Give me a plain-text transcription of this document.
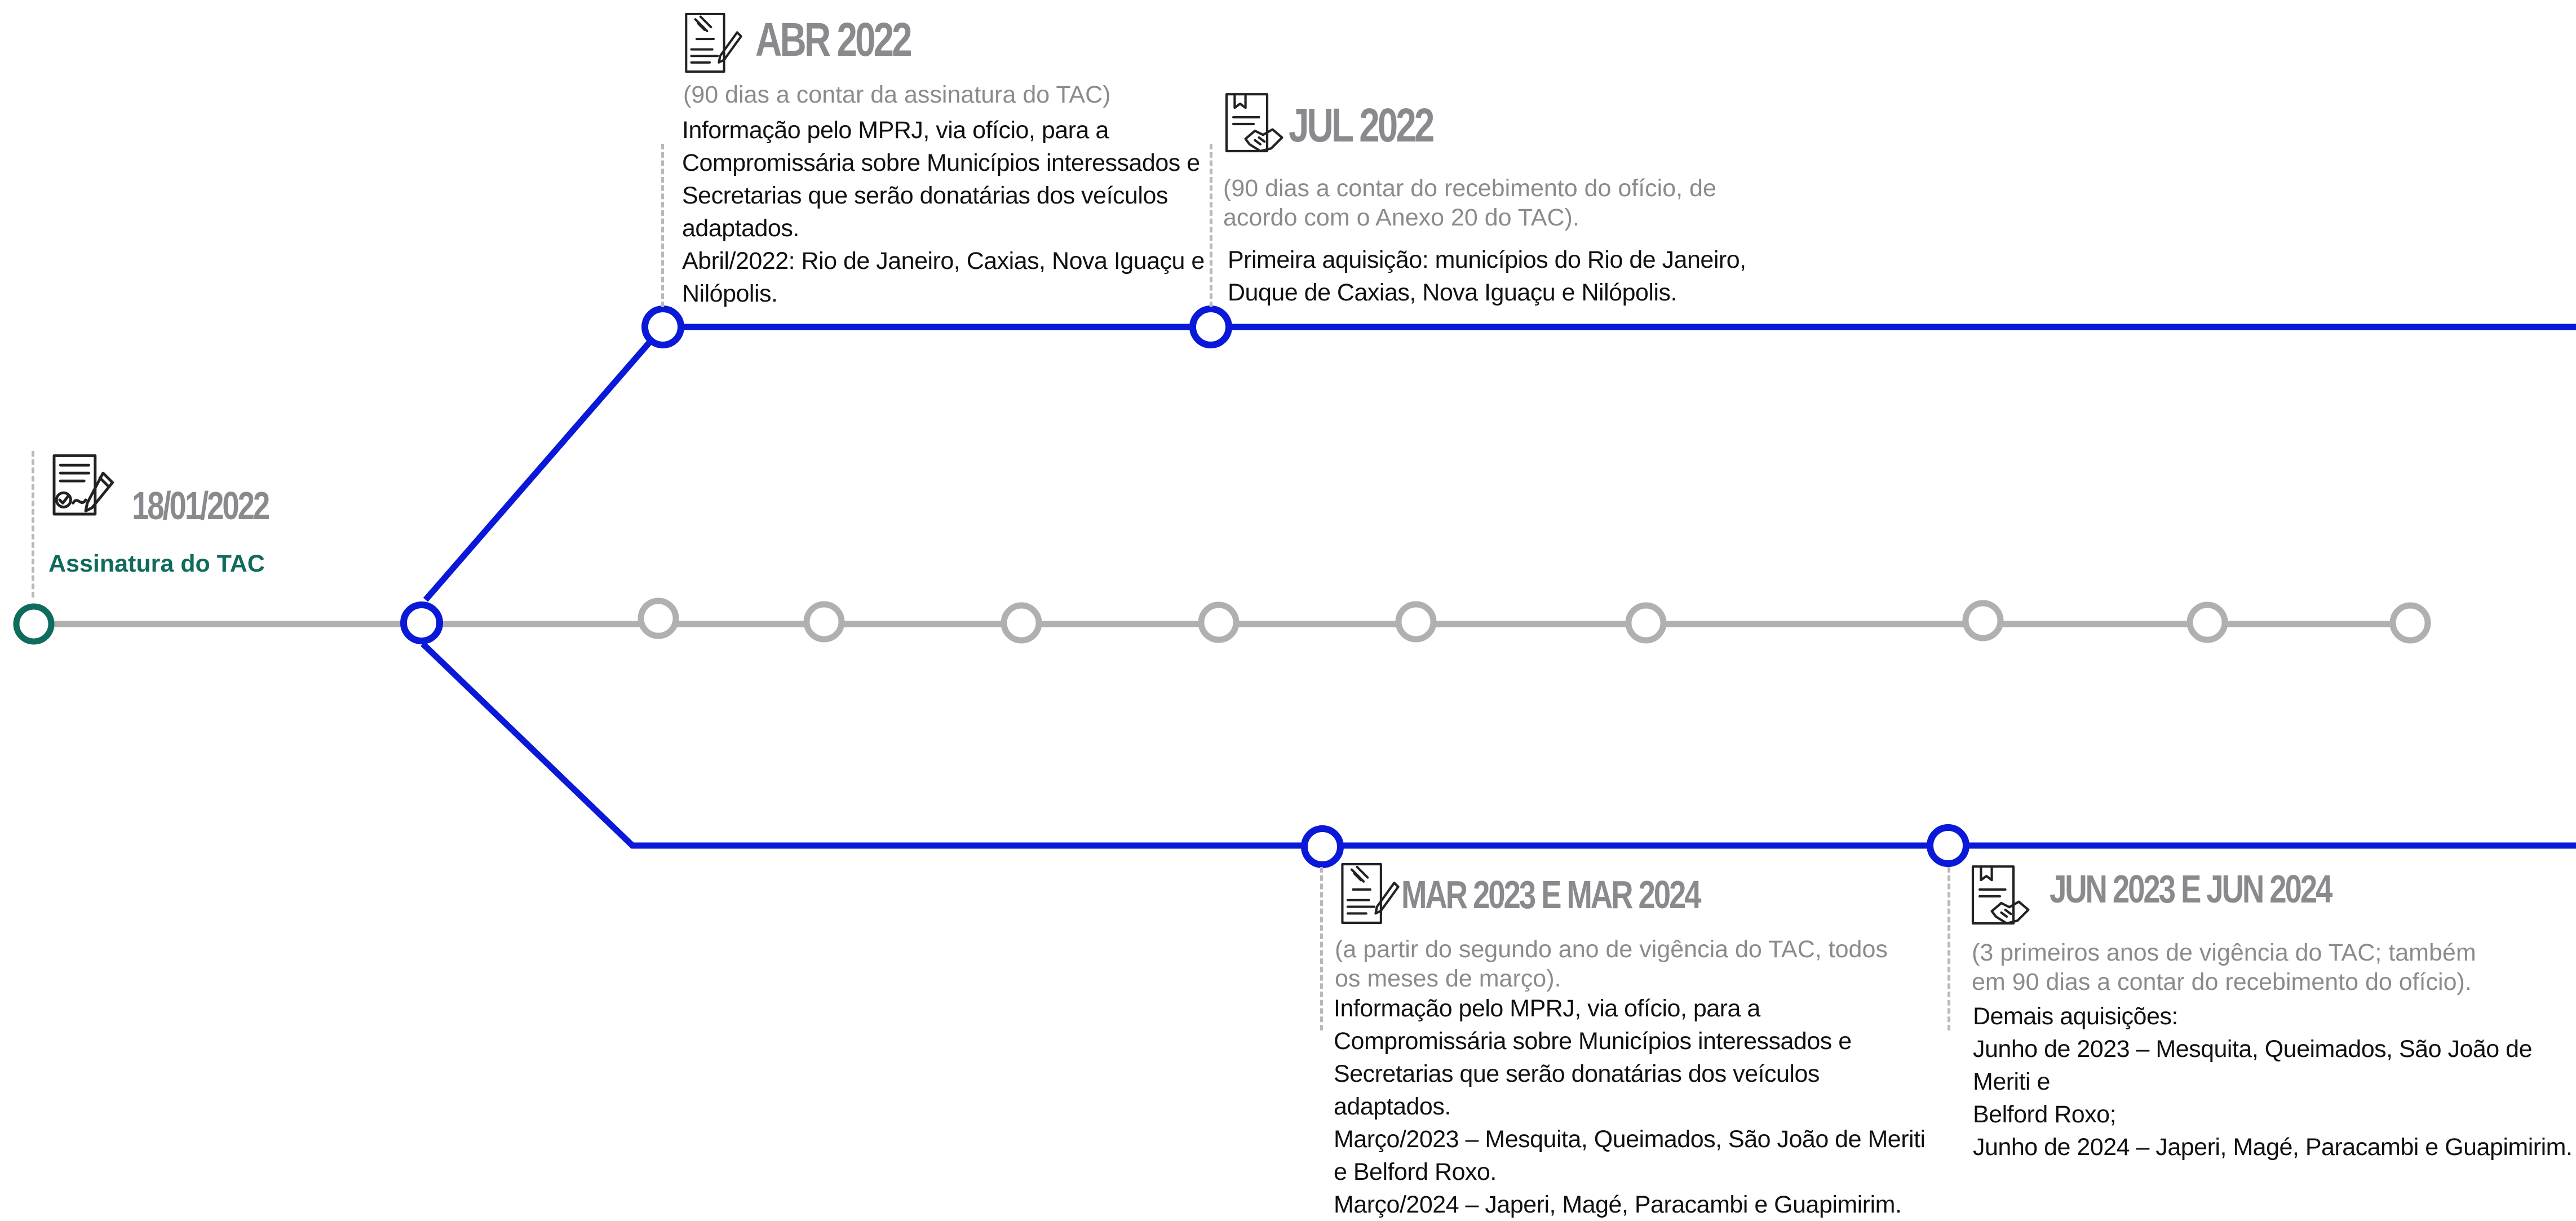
18/01/2022
Assinatura do TAC
ABR 2022
(90 dias a contar da assinatura do TAC)
Informação pelo MPRJ, via ofício, para a
Compromissária sobre Municípios interessados e
Secretarias que serão donatárias dos veículos
adaptados.
Abril/2022: Rio de Janeiro, Caxias, Nova Iguaçu e
Nilópolis.
JUL 2022
(90 dias a contar do recebimento do ofício, de
acordo com o Anexo 20 do TAC).
Primeira aquisição: municípios do Rio de Janeiro,
Duque de Caxias, Nova Iguaçu e Nilópolis.
MAR 2023 E MAR 2024
(a partir do segundo ano de vigência do TAC, todos
os meses de março).
Informação pelo MPRJ, via ofício, para a
Compromissária sobre Municípios interessados e
Secretarias que serão donatárias dos veículos
adaptados.
Março/2023 – Mesquita, Queimados, São João de Meriti
e Belford Roxo.
Março/2024 – Japeri, Magé, Paracambi e Guapimirim.
JUN 2023 E JUN 2024
(3 primeiros anos de vigência do TAC; também
em 90 dias a contar do recebimento do ofício).
Demais aquisições:
Junho de 2023 – Mesquita, Queimados, São João de Meriti e
Belford Roxo;
Junho de 2024 – Japeri, Magé, Paracambi e Guapimirim.
